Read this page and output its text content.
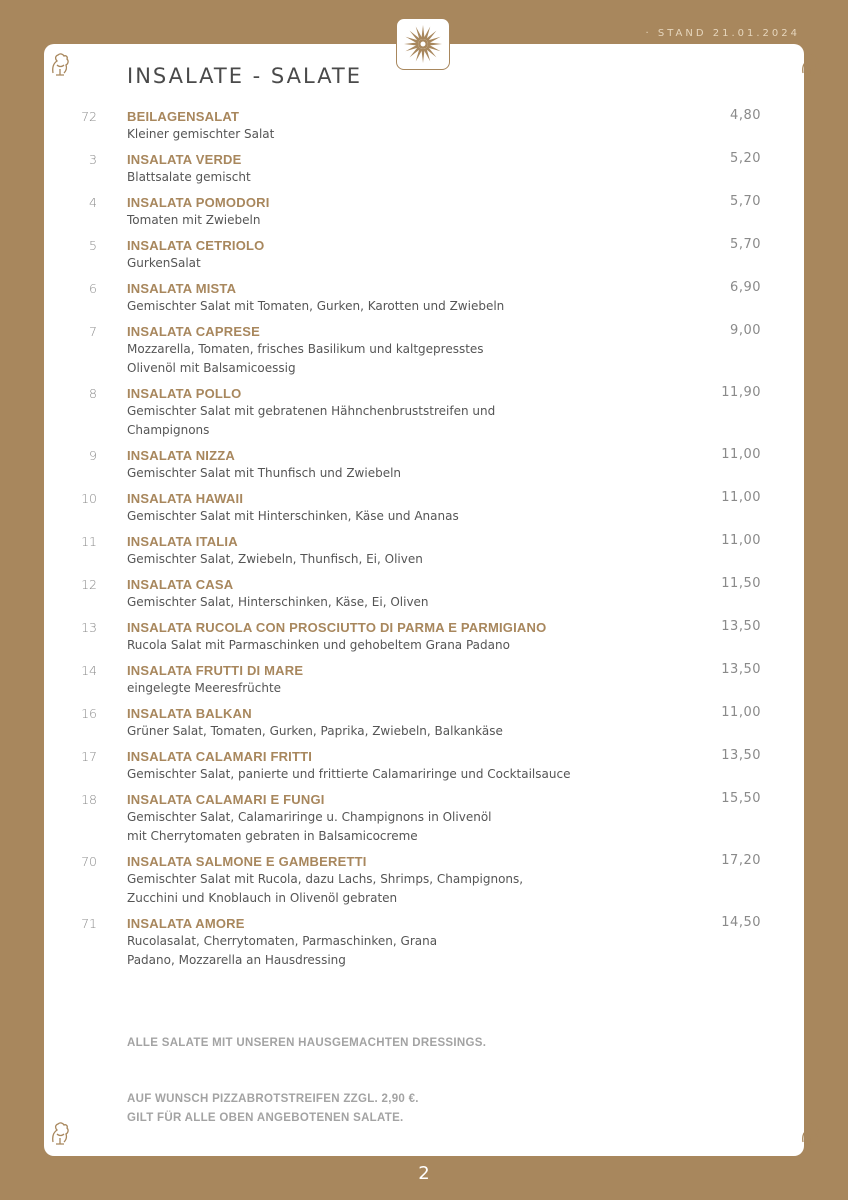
· STAND 21.01.2024
INSALATE - SALATE
72 BEILAGENSALAT
Kleiner gemischter Salat
4,80
3 INSALATA VERDE
Blattsalate gemischt
5,20
4 INSALATA POMODORI
Tomaten mit Zwiebeln
5,70
5 INSALATA CETRIOLO
GurkenSalat
5,70
6 INSALATA MISTA
Gemischter Salat mit Tomaten, Gurken, Karotten und Zwiebeln
6,90
7 INSALATA CAPRESE
Mozzarella, Tomaten, frisches Basilikum und kaltgepresstes
Olivenöl mit Balsamicoessig
9,00
8 INSALATA POLLO
Gemischter Salat mit gebratenen Hähnchenbruststreifen und Champignons
11,90
9 INSALATA NIZZA
Gemischter Salat mit Thunfisch und Zwiebeln
11,00
10 INSALATA HAWAII
Gemischter Salat mit Hinterschinken, Käse und Ananas
11,00
11 INSALATA ITALIA
Gemischter Salat, Zwiebeln, Thunfisch, Ei, Oliven
11,00
12 INSALATA CASA
Gemischter Salat, Hinterschinken, Käse, Ei, Oliven
11,50
13 INSALATA RUCOLA CON PROSCIUTTO DI PARMA E PARMIGIANO
Rucola Salat mit Parmaschinken und gehobeltem Grana Padano
13,50
14 INSALATA FRUTTI DI MARE
eingelegte Meeresfrüchte
13,50
16 INSALATA BALKAN
Grüner Salat, Tomaten, Gurken, Paprika, Zwiebeln, Balkankäse
11,00
17 INSALATA CALAMARI FRITTI
Gemischter Salat, panierte und frittierte Calamariringe und Cocktailsauce
13,50
18 INSALATA CALAMARI E FUNGI
Gemischter Salat, Calamariringe u. Champignons in Olivenöl
mit Cherrytomaten gebraten in Balsamicocreme
15,50
70 INSALATA SALMONE E GAMBERETTI
Gemischter Salat mit Rucola, dazu Lachs, Shrimps, Champignons,
Zucchini und Knoblauch in Olivenöl gebraten
17,20
71 INSALATA AMORE
Rucolasalat, Cherrytomaten, Parmaschinken, Grana
Padano, Mozzarella an Hausdressing
14,50
ALLE SALATE MIT UNSEREN HAUSGEMACHTEN DRESSINGS.
AUF WUNSCH PIZZABROTSTREIFEN ZZGL. 2,90 €.
GILT FÜR ALLE OBEN ANGEBOTENEN SALATE.
2
